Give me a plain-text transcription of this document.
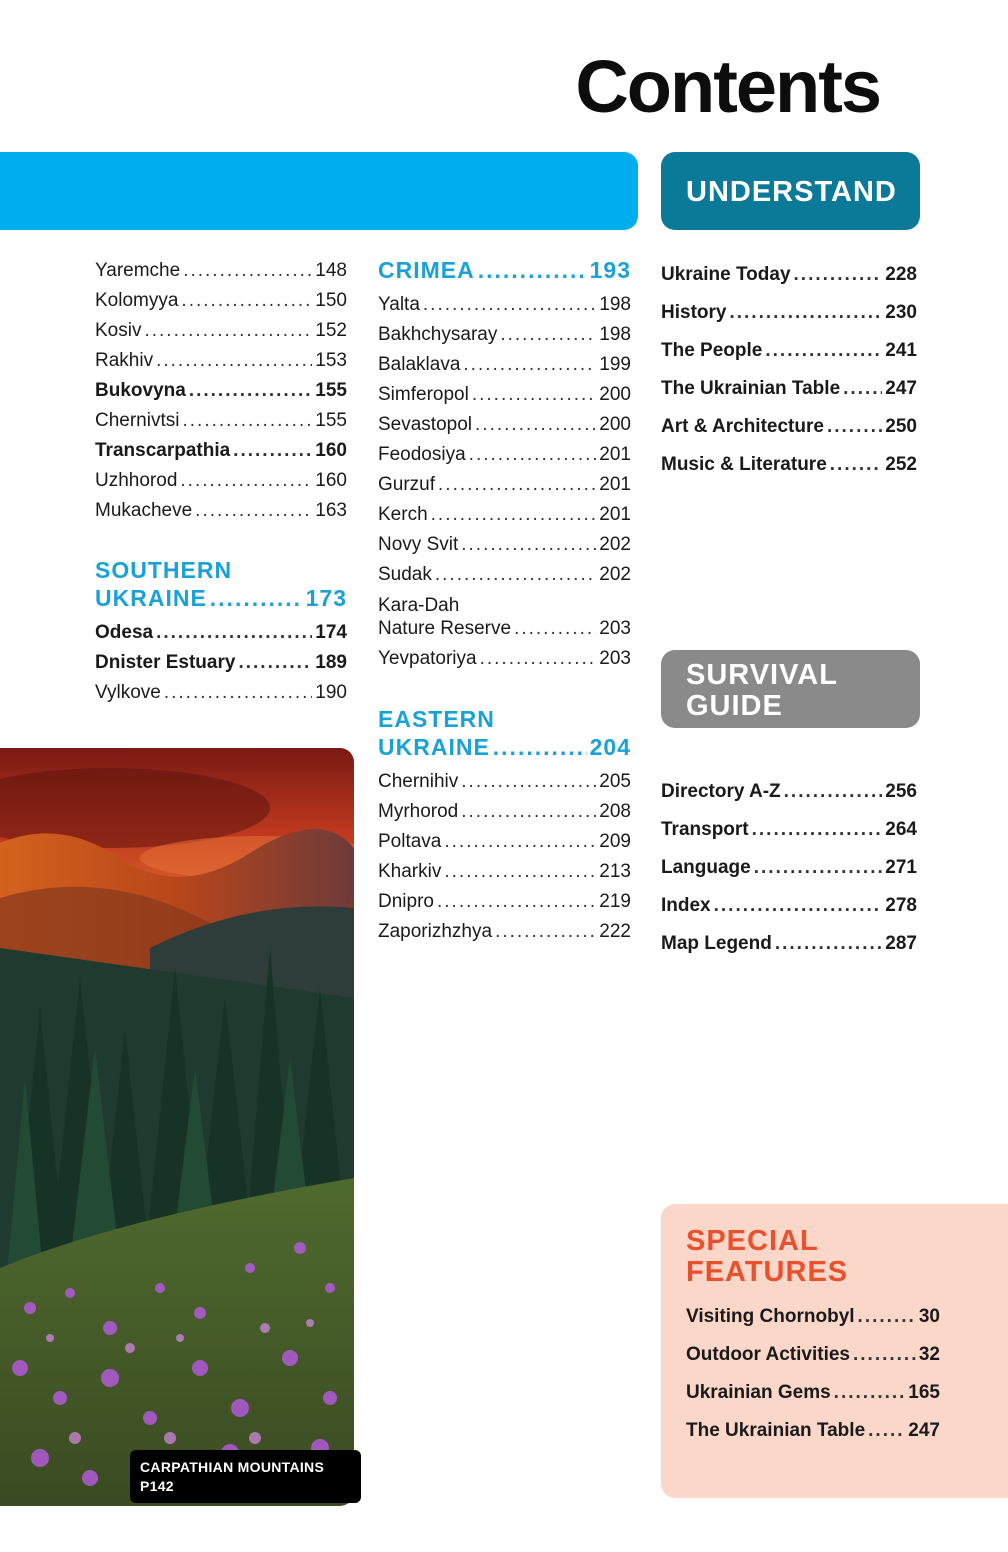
Contents
UNDERSTAND
SURVIVAL GUIDE
Yaremche .....	148
Kolomyya .....	150
Kosiv .....	152
Rakhiv .....	153
Bukovyna .....	155
Chernivtsi .....	155
Transcarpathia .....	160
Uzhhorod .....	160
Mukacheve .....	163
SOUTHERN
UKRAINE .....	173
Odesa .....	174
Dnister Estuary .....	189
Vylkove .....	190
CRIMEA .....	193
Yalta .....	198
Bakhchysaray .....	198
Balaklava .....	199
Simferopol .....	200
Sevastopol .....	200
Feodosiya .....	201
Gurzuf .....	201
Kerch .....	201
Novy Svit .....	202
Sudak .....	202
Kara-Dah
Nature Reserve .....	203
Yevpatoriya .....	203
EASTERN
UKRAINE .....	204
Chernihiv .....	205
Myrhorod .....	208
Poltava .....	209
Kharkiv .....	213
Dnipro .....	219
Zaporizhzhya .....	222
Ukraine Today .....	228
History .....	230
The People .....	241
The Ukrainian Table ..... 247
Art & Architecture .....	250
Music & Literature .....	252
Directory A-Z .....	256
Transport .....	264
Language .....	271
Index .....	278
Map Legend .....	287
CARPATHIAN MOUNTAINS
P142
SPECIAL FEATURES
Visiting Chornobyl .....	30
Outdoor Activities .....	32
Ukrainian Gems .....	165
The Ukrainian Table ..... 247
